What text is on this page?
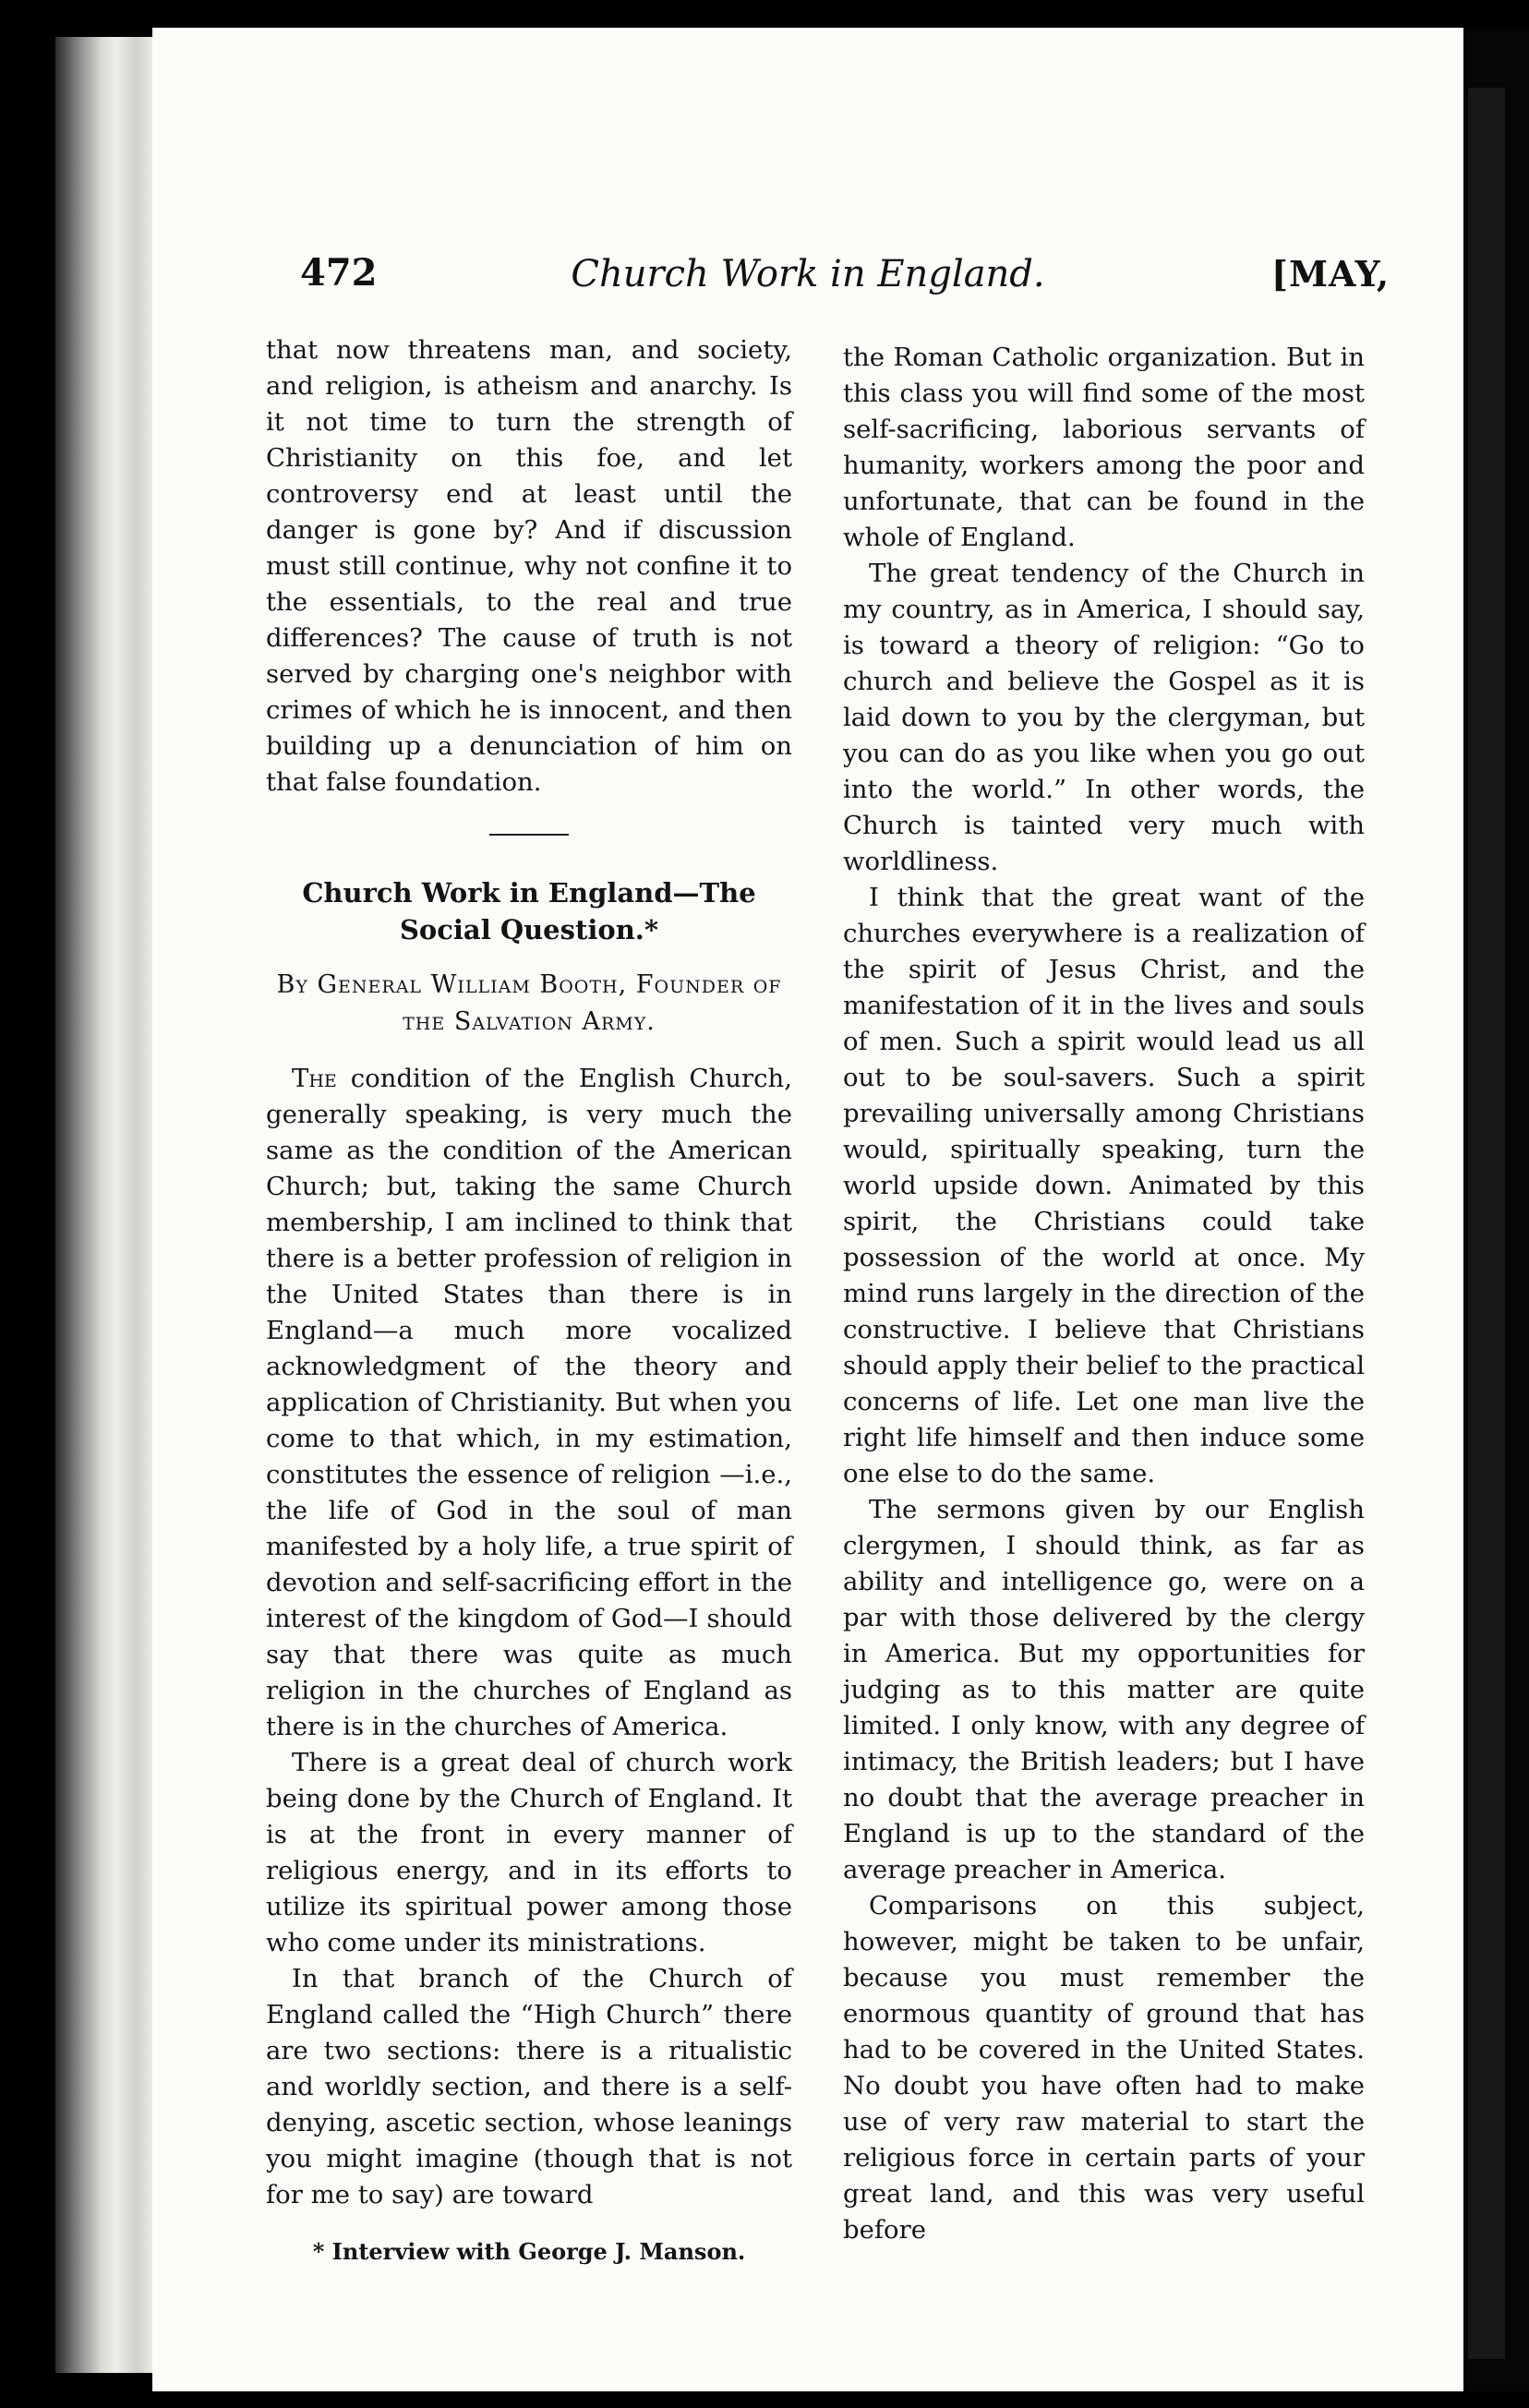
472	Church Work in England.	[MAY,

that now threatens man, and society, and religion, is atheism and anarchy. Is it not time to turn the strength of Christianity on this foe, and let controversy end at least until the danger is gone by? And if discussion must still continue, why not confine it to the essentials, to the real and true differences? The cause of truth is not served by charging one's neighbor with crimes of which he is innocent, and then building up a denunciation of him on that false foundation.

Church Work in England—The Social Question.*
By General William Booth, Founder of the Salvation Army.

The condition of the English Church, generally speaking, is very much the same as the condition of the American Church; but, taking the same Church membership, I am inclined to think that there is a better profession of religion in the United States than there is in England—a much more vocalized acknowledgment of the theory and application of Christianity. But when you come to that which, in my estimation, constitutes the essence of religion —i.e., the life of God in the soul of man manifested by a holy life, a true spirit of devotion and self-sacrificing effort in the interest of the kingdom of God—I should say that there was quite as much religion in the churches of England as there is in the churches of America.

There is a great deal of church work being done by the Church of England. It is at the front in every manner of religious energy, and in its efforts to utilize its spiritual power among those who come under its ministrations.

In that branch of the Church of England called the “High Church” there are two sections: there is a ritualistic and worldly section, and there is a self-denying, ascetic section, whose leanings you might imagine (though that is not for me to say) are toward

* Interview with George J. Manson.

the Roman Catholic organization. But in this class you will find some of the most self-sacrificing, laborious servants of humanity, workers among the poor and unfortunate, that can be found in the whole of England.

The great tendency of the Church in my country, as in America, I should say, is toward a theory of religion: “Go to church and believe the Gospel as it is laid down to you by the clergyman, but you can do as you like when you go out into the world.” In other words, the Church is tainted very much with worldliness.

I think that the great want of the churches everywhere is a realization of the spirit of Jesus Christ, and the manifestation of it in the lives and souls of men. Such a spirit would lead us all out to be soul-savers. Such a spirit prevailing universally among Christians would, spiritually speaking, turn the world upside down. Animated by this spirit, the Christians could take possession of the world at once. My mind runs largely in the direction of the constructive. I believe that Christians should apply their belief to the practical concerns of life. Let one man live the right life himself and then induce some one else to do the same.

The sermons given by our English clergymen, I should think, as far as ability and intelligence go, were on a par with those delivered by the clergy in America. But my opportunities for judging as to this matter are quite limited. I only know, with any degree of intimacy, the British leaders; but I have no doubt that the average preacher in England is up to the standard of the average preacher in America.

Comparisons on this subject, however, might be taken to be unfair, because you must remember the enormous quantity of ground that has had to be covered in the United States. No doubt you have often had to make use of very raw material to start the religious force in certain parts of your great land, and this was very useful before
